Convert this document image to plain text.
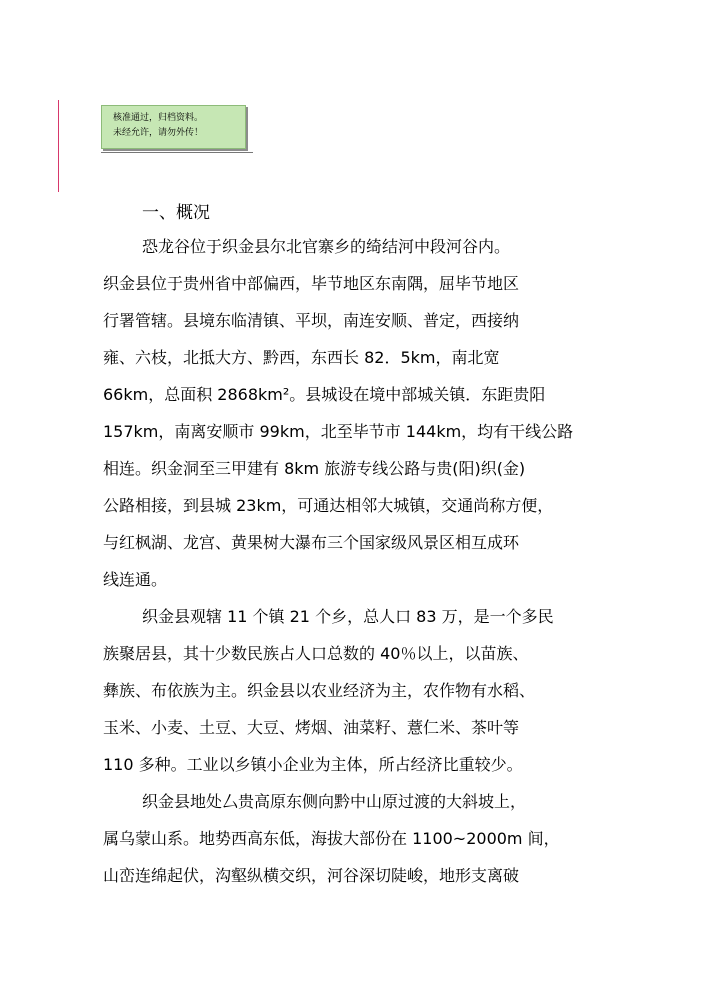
核准通过，归档资料。
未经允许，请勿外传！
一、概况
恐龙谷位于织金县尔北官寨乡的绮结河中段河谷内。
织金县位于贵州省中部偏西，毕节地区东南隅，屈毕节地区
行署管辖。县境东临清镇、平坝，南连安顺、普定，西接纳
雍、六枝，北抵大方、黔西，东西长 82．5km，南北宽
66km，总面积 2868km²。县城设在境中部城关镇．东距贵阳
157km，南离安顺市 99km，北至毕节市 144km，均有干线公路
相连。织金洞至三甲建有 8km 旅游专线公路与贵(阳)织(金)
公路相接，到县城 23km，可通达相邻大城镇，交通尚称方便，
与红枫湖、龙宫、黄果树大瀑布三个国家级风景区相互成环
线连通。
织金县观辖 11 个镇 21 个乡，总人口 83 万，是一个多民
族聚居县，其十少数民族占人口总数的 40％以上，以苗族、
彝族、布依族为主。织金县以农业经济为主，农作物有水稻、
玉米、小麦、土豆、大豆、烤烟、油菜籽、薏仁米、茶叶等
110 多种。工业以乡镇小企业为主体，所占经济比重较少。
织金县地处厶贵高原东侧向黔中山原过渡的大斜坡上，
属乌蒙山系。地势西高东低，海拔大部份在 1100~2000m 间，
山峦连绵起伏，沟壑纵横交织，河谷深切陡峻，地形支离破
